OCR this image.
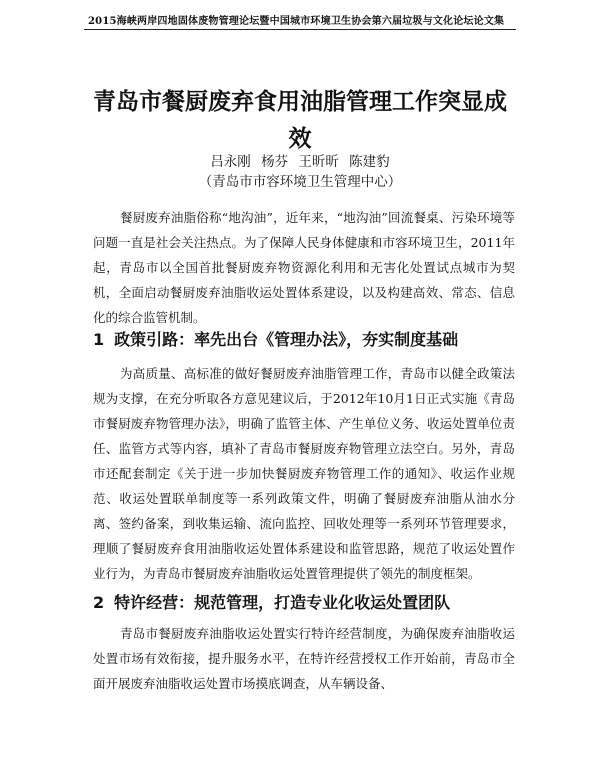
2015海峡两岸四地固体废物管理论坛暨中国城市环境卫生协会第六届垃圾与文化论坛论文集
青岛市餐厨废弃食用油脂管理工作突显成效
吕永刚 杨芬 王昕昕 陈建豹
（青岛市市容环境卫生管理中心）

餐厨废弃油脂俗称“地沟油”，近年来，“地沟油”回流餐桌、污染环境等问题一直是社会关注热点。为了保障人民身体健康和市容环境卫生，2011年起，青岛市以全国首批餐厨废弃物资源化利用和无害化处置试点城市为契机，全面启动餐厨废弃油脂收运处置体系建设，以及构建高效、常态、信息化的综合监管机制。

1 政策引路：率先出台《管理办法》，夯实制度基础

为高质量、高标准的做好餐厨废弃油脂管理工作，青岛市以健全政策法规为支撑，在充分听取各方意见建议后，于2012年10月1日正式实施《青岛市餐厨废弃物管理办法》，明确了监管主体、产生单位义务、收运处置单位责任、监管方式等内容，填补了青岛市餐厨废弃物管理立法空白。另外，青岛市还配套制定《关于进一步加快餐厨废弃物管理工作的通知》、收运作业规范、收运处置联单制度等一系列政策文件，明确了餐厨废弃油脂从油水分离、签约备案，到收集运输、流向监控、回收处理等一系列环节管理要求，理顺了餐厨废弃食用油脂收运处置体系建设和监管思路，规范了收运处置作业行为，为青岛市餐厨废弃油脂收运处置管理提供了领先的制度框架。

2 特许经营：规范管理，打造专业化收运处置团队

青岛市餐厨废弃油脂收运处置实行特许经营制度，为确保废弃油脂收运处置市场有效衔接，提升服务水平，在特许经营授权工作开始前，青岛市全面开展废弃油脂收运处置市场摸底调查，从车辆设备、
